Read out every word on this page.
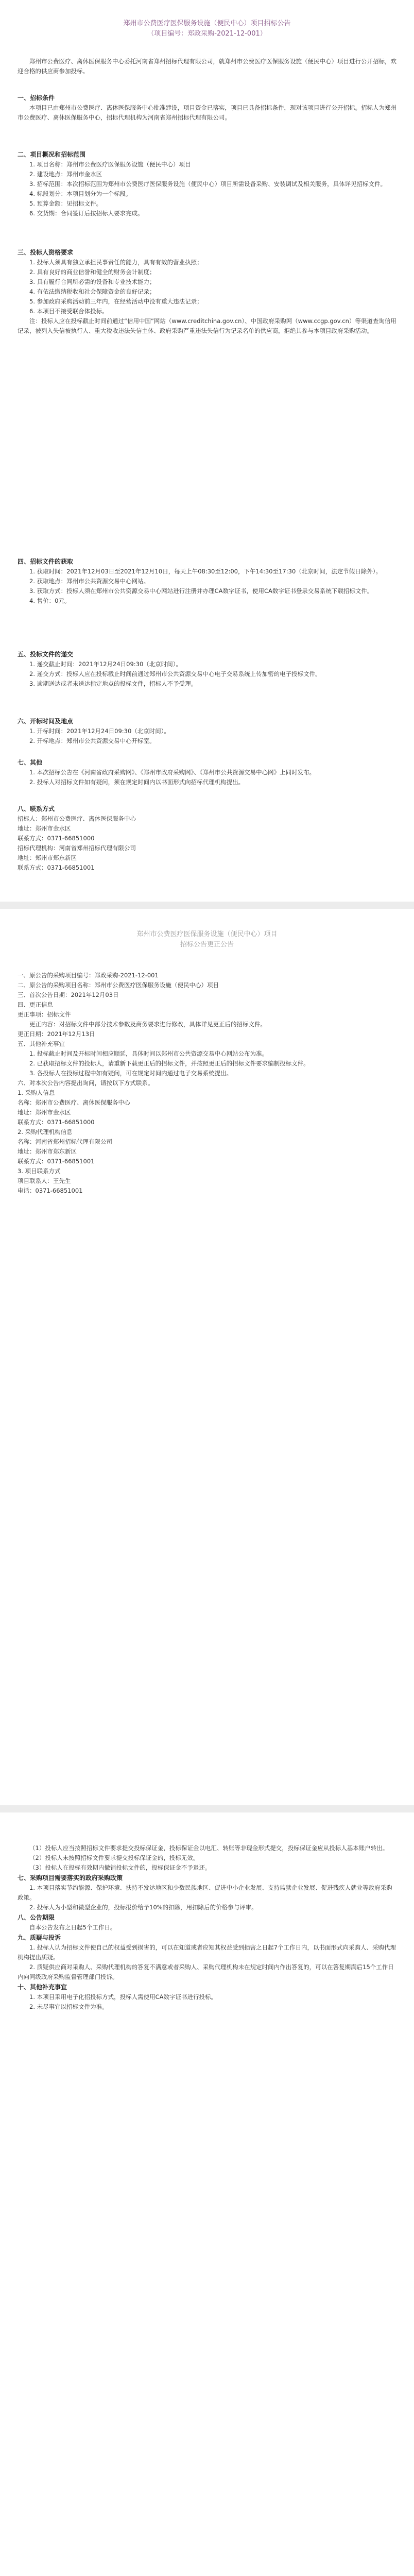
郑州市公费医疗医保服务设施（便民中心）项目招标公告
（项目编号：郑政采购-2021-12-001）

郑州市公费医疗、离休医保服务中心委托河南省郑州招标代理有限公司，就郑州市公费医疗医保服务设施（便民中心）项目进行公开招标，欢迎合格的供应商参加投标。

一、招标条件

本项目已由郑州市公费医疗、离休医保服务中心批准建设，项目资金已落实，项目已具备招标条件，现对该项目进行公开招标。招标人为郑州市公费医疗、离休医保服务中心，招标代理机构为河南省郑州招标代理有限公司。

二、项目概况和招标范围

1. 项目名称：郑州市公费医疗医保服务设施（便民中心）项目

2. 建设地点：郑州市金水区

3. 招标范围：本次招标范围为郑州市公费医疗医保服务设施（便民中心）项目所需设备采购、安装调试及相关服务，具体详见招标文件。

4. 标段划分：本项目划分为一个标段。

5. 预算金额：见招标文件。

6. 交货期：合同签订后按招标人要求完成。

三、投标人资格要求

1. 投标人须具有独立承担民事责任的能力，具有有效的营业执照；

2. 具有良好的商业信誉和健全的财务会计制度；

3. 具有履行合同所必需的设备和专业技术能力；

4. 有依法缴纳税收和社会保障资金的良好记录；

5. 参加政府采购活动前三年内，在经营活动中没有重大违法记录；

6. 本项目不接受联合体投标。

注：投标人应在投标截止时间前通过“信用中国”网站（www.creditchina.gov.cn）、中国政府采购网（www.ccgp.gov.cn）等渠道查询信用记录，被列入失信被执行人、重大税收违法失信主体、政府采购严重违法失信行为记录名单的供应商，拒绝其参与本项目政府采购活动。

四、招标文件的获取

1. 获取时间：2021年12月03日至2021年12月10日，每天上午08:30至12:00，下午14:30至17:30（北京时间，法定节假日除外）。

2. 获取地点：郑州市公共资源交易中心网站。

3. 获取方式：投标人须在郑州市公共资源交易中心网站进行注册并办理CA数字证书，使用CA数字证书登录交易系统下载招标文件。

4. 售价：0元。

五、投标文件的递交

1. 递交截止时间：2021年12月24日09:30（北京时间）。

2. 递交方式：投标人应在投标截止时间前通过郑州市公共资源交易中心电子交易系统上传加密的电子投标文件。

3. 逾期送达或者未送达指定地点的投标文件，招标人不予受理。

六、开标时间及地点

1. 开标时间：2021年12月24日09:30（北京时间）。

2. 开标地点：郑州市公共资源交易中心开标室。

七、其他

1. 本次招标公告在《河南省政府采购网》、《郑州市政府采购网》、《郑州市公共资源交易中心网》上同时发布。

2. 投标人对招标文件如有疑问，须在规定时间内以书面形式向招标代理机构提出。

八、联系方式

招标人：郑州市公费医疗、离休医保服务中心

地址：郑州市金水区

联系方式：0371-66851000

招标代理机构：河南省郑州招标代理有限公司

地址：郑州市郑东新区

联系方式：0371-66851001

郑州市公费医疗医保服务设施（便民中心）项目
招标公告更正公告

一、原公告的采购项目编号：郑政采购-2021-12-001

二、原公告的采购项目名称：郑州市公费医疗医保服务设施（便民中心）项目

三、首次公告日期：2021年12月03日

四、更正信息

更正事项：招标文件

更正内容：对招标文件中部分技术参数及商务要求进行修改，具体详见更正后的招标文件。

更正日期：2021年12月13日

五、其他补充事宜

1. 投标截止时间及开标时间相应顺延，具体时间以郑州市公共资源交易中心网站公布为准。

2. 已获取招标文件的投标人，请重新下载更正后的招标文件，并按照更正后的招标文件要求编制投标文件。

3. 各投标人在投标过程中如有疑问，可在规定时间内通过电子交易系统提出。

六、对本次公告内容提出询问，请按以下方式联系。

1. 采购人信息

名称：郑州市公费医疗、离休医保服务中心

地址：郑州市金水区

联系方式：0371-66851000

2. 采购代理机构信息

名称：河南省郑州招标代理有限公司

地址：郑州市郑东新区

联系方式：0371-66851001

3. 项目联系方式

项目联系人：王先生

电话：0371-66851001

（1）投标人应当按照招标文件要求提交投标保证金，投标保证金以电汇、转账等非现金形式提交，投标保证金应从投标人基本账户转出。

（2）投标人未按照招标文件要求提交投标保证金的，投标无效。

（3）投标人在投标有效期内撤销投标文件的，投标保证金不予退还。

七、采购项目需要落实的政府采购政策

1. 本项目落实节约能源、保护环境、扶持不发达地区和少数民族地区、促进中小企业发展、支持监狱企业发展、促进残疾人就业等政府采购政策。

2. 投标人为小型和微型企业的，投标报价给予10%的扣除，用扣除后的价格参与评审。

八、公告期限

自本公告发布之日起5个工作日。

九、质疑与投诉

1. 投标人认为招标文件使自己的权益受到损害的，可以在知道或者应知其权益受到损害之日起7个工作日内，以书面形式向采购人、采购代理机构提出质疑。

2. 质疑供应商对采购人、采购代理机构的答复不满意或者采购人、采购代理机构未在规定时间内作出答复的，可以在答复期满后15个工作日内向同级政府采购监督管理部门投诉。

十、其他补充事宜

1. 本项目采用电子化招投标方式，投标人需使用CA数字证书进行投标。

2. 未尽事宜以招标文件为准。
